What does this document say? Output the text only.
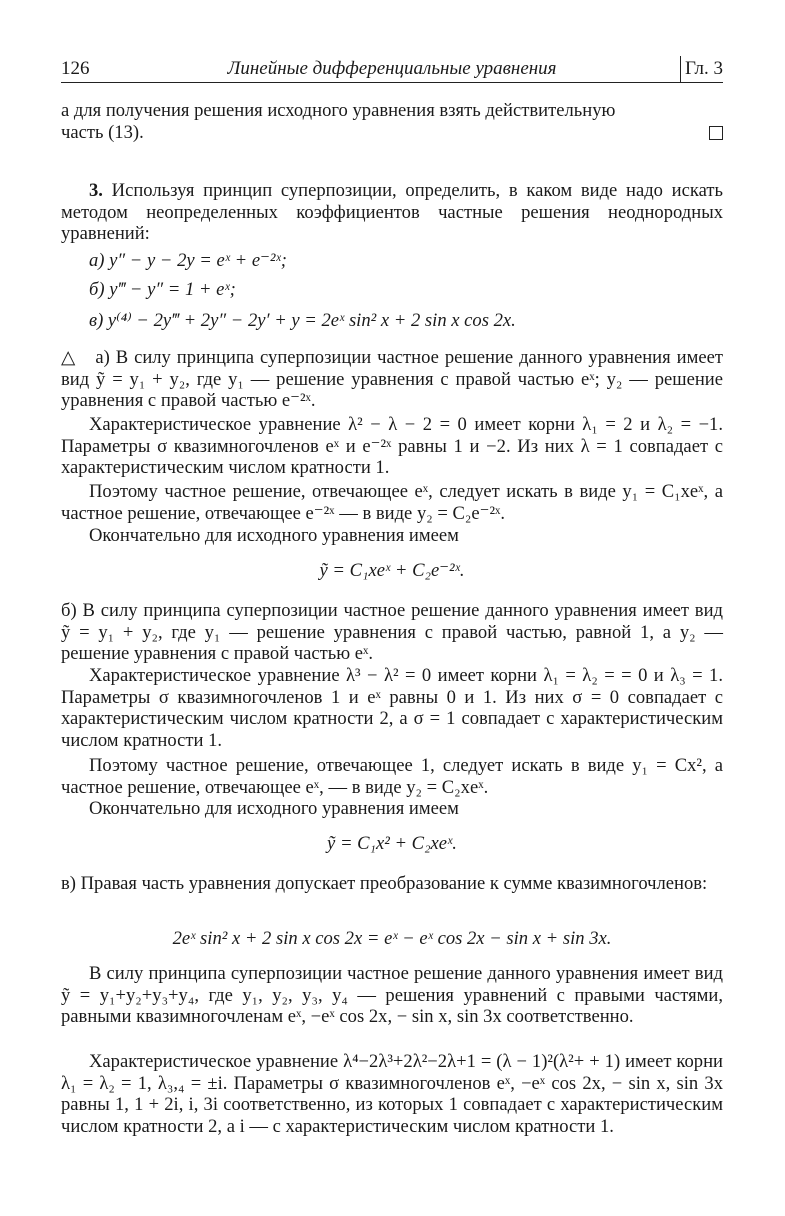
126	Линейные дифференциальные уравнения	Гл. 3
а для получения решения исходного уравнения взять действительную
часть (13).
3. Используя принцип суперпозиции, определить, в каком виде надо искать методом неопределенных коэффициентов частные решения неоднородных уравнений:
а) y″ − y − 2y = eˣ + e⁻²ˣ;
б) y‴ − y″ = 1 + eˣ;
в) y⁽⁴⁾ − 2y‴ + 2y″ − 2y′ + y = 2eˣ sin² x + 2 sin x cos 2x.
△ а) В силу принципа суперпозиции частное решение данного уравнения имеет вид ỹ = y₁ + y₂, где y₁ — решение уравнения с правой частью eˣ; y₂ — решение уравнения с правой частью e⁻²ˣ.
Характеристическое уравнение λ² − λ − 2 = 0 имеет корни λ₁ = 2 и λ₂ = −1. Параметры σ квазимногочленов eˣ и e⁻²ˣ равны 1 и −2. Из них λ = 1 совпадает с характеристическим числом кратности 1.
Поэтому частное решение, отвечающее eˣ, следует искать в виде y₁ = C₁xeˣ, а частное решение, отвечающее e⁻²ˣ — в виде y₂ = C₂e⁻²ˣ.
Окончательно для исходного уравнения имеем
ỹ = C₁xeˣ + C₂e⁻²ˣ.
б) В силу принципа суперпозиции частное решение данного уравнения имеет вид ỹ = y₁ + y₂, где y₁ — решение уравнения с правой частью, равной 1, а y₂ — решение уравнения с правой частью eˣ.
Характеристическое уравнение λ³ − λ² = 0 имеет корни λ₁ = λ₂ = = 0 и λ₃ = 1. Параметры σ квазимногочленов 1 и eˣ равны 0 и 1. Из них σ = 0 совпадает с характеристическим числом кратности 2, а σ = 1 совпадает с характеристическим числом кратности 1.
Поэтому частное решение, отвечающее 1, следует искать в виде y₁ = Cx², а частное решение, отвечающее eˣ, — в виде y₂ = C₂xeˣ.
Окончательно для исходного уравнения имеем
ỹ = C₁x² + C₂xeˣ.
в) Правая часть уравнения допускает преобразование к сумме квазимногочленов:
2eˣ sin² x + 2 sin x cos 2x = eˣ − eˣ cos 2x − sin x + sin 3x.
В силу принципа суперпозиции частное решение данного уравнения имеет вид ỹ = y₁+y₂+y₃+y₄, где y₁, y₂, y₃, y₄ — решения уравнений с правыми частями, равными квазимногочленам eˣ, −eˣ cos 2x, − sin x, sin 3x соответственно.
Характеристическое уравнение λ⁴−2λ³+2λ²−2λ+1 = (λ − 1)²(λ²+ + 1) имеет корни λ₁ = λ₂ = 1, λ₃,₄ = ±i. Параметры σ квазимногочленов eˣ, −eˣ cos 2x, − sin x, sin 3x равны 1, 1 + 2i, i, 3i соответственно, из которых 1 совпадает с характеристическим числом кратности 2, а i — с характеристическим числом кратности 1.
